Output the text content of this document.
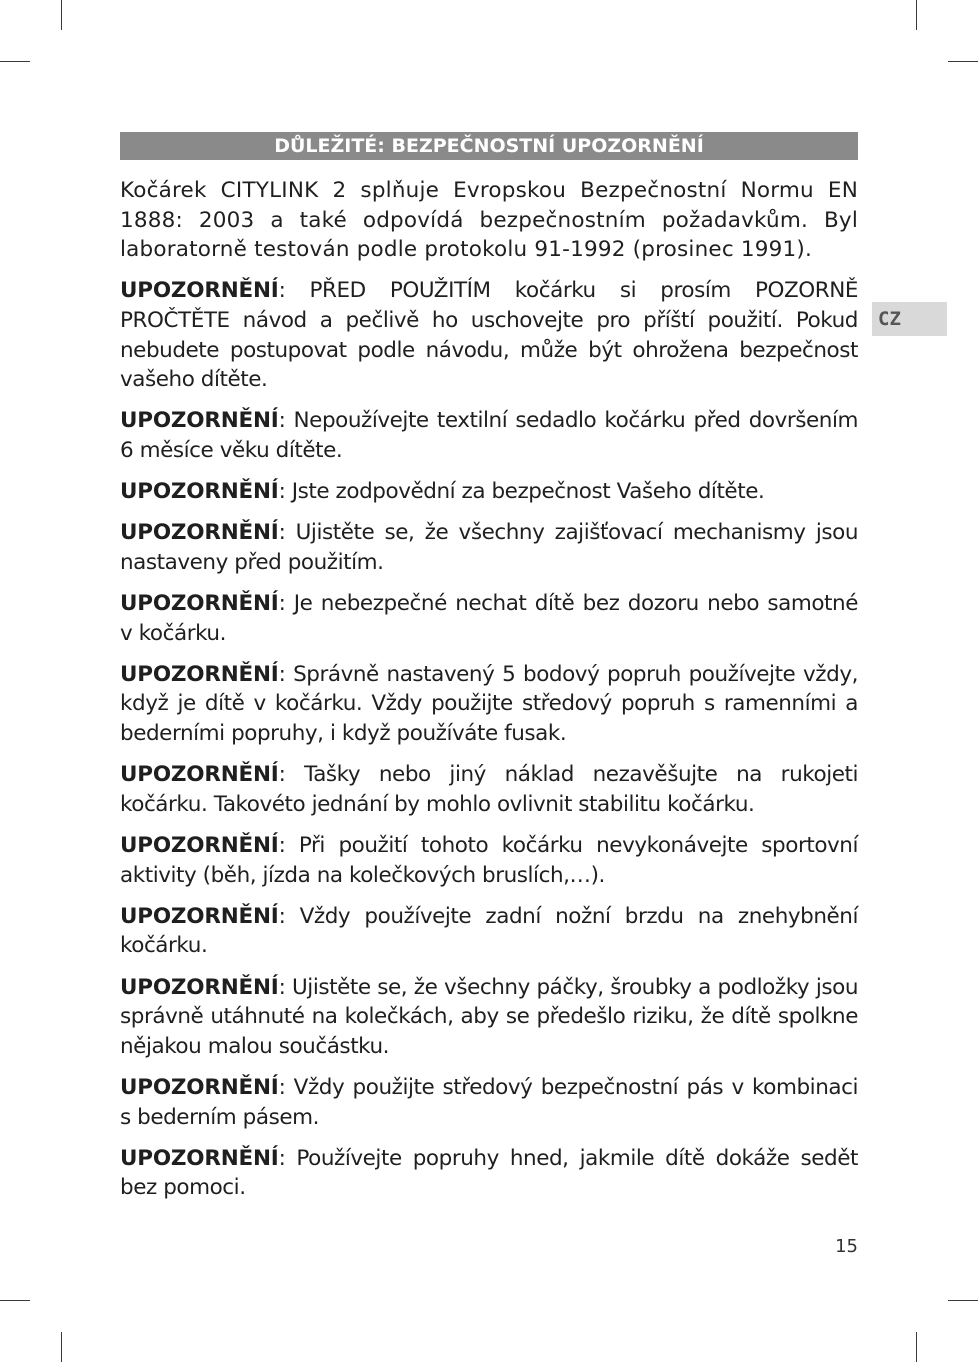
DŮLEŽITÉ: BEZPEČNOSTNÍ UPOZORNĚNÍ
CZ

Kočárek CITYLINK 2 splňuje Evropskou Bezpečnostní Normu EN 1888: 2003 a také odpovídá bezpečnostním požadavkům. Byl laboratorně testován podle protokolu 91-1992 (prosinec 1991).

UPOZORNĚNÍ: PŘED POUŽITÍM kočárku si prosím POZORNĚ PROČTĚTE návod a pečlivě ho uschovejte pro příští použití. Pokud nebudete postupovat podle návodu, může být ohrožena bezpečnost vašeho dítěte.

UPOZORNĚNÍ: Nepoužívejte textilní sedadlo kočárku před dovršením 6 měsíce věku dítěte.

UPOZORNĚNÍ: Jste zodpovědní za bezpečnost Vašeho dítěte.

UPOZORNĚNÍ: Ujistěte se, že všechny zajišťovací mechanismy jsou nastaveny před použitím.

UPOZORNĚNÍ: Je nebezpečné nechat dítě bez dozoru nebo samotné v kočárku.

UPOZORNĚNÍ: Správně nastavený 5 bodový popruh používejte vždy, když je dítě v kočárku. Vždy použijte středový popruh s ramenními a bederními popruhy, i když používáte fusak.

UPOZORNĚNÍ: Tašky nebo jiný náklad nezavěšujte na rukojeti kočárku. Takovéto jednání by mohlo ovlivnit stabilitu kočárku.

UPOZORNĚNÍ: Při použití tohoto kočárku nevykonávejte sportovní aktivity (běh, jízda na kolečkových bruslích,…).

UPOZORNĚNÍ: Vždy používejte zadní nožní brzdu na znehybnění kočárku.

UPOZORNĚNÍ: Ujistěte se, že všechny páčky, šroubky a podložky jsou správně utáhnuté na kolečkách, aby se předešlo riziku, že dítě spolkne nějakou malou součástku.

UPOZORNĚNÍ: Vždy použijte středový bezpečnostní pás v kombinaci s bederním pásem.

UPOZORNĚNÍ: Používejte popruhy hned, jakmile dítě dokáže sedět bez pomoci.

15
